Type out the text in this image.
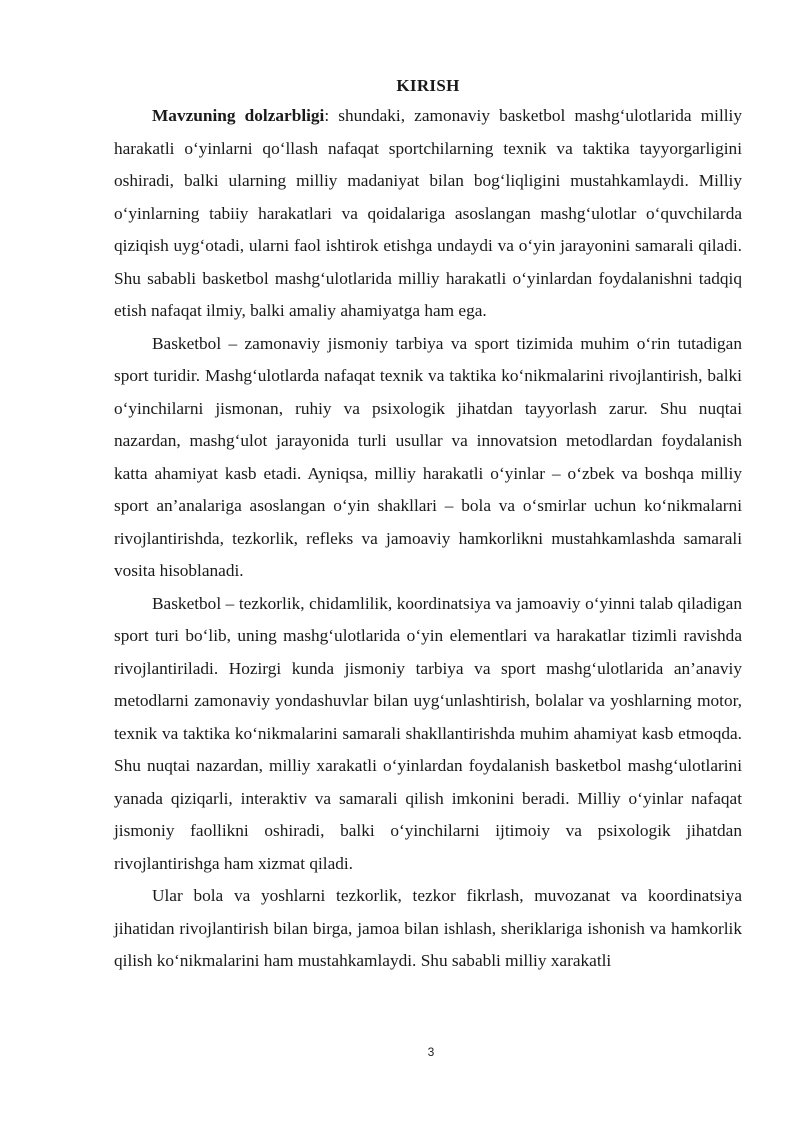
KIRISH

Mavzuning dolzarbligi: shundaki, zamonaviy basketbol mashg‘ulotlarida milliy harakatli o‘yinlarni qo‘llash nafaqat sportchilarning texnik va taktika tayyorgarligini oshiradi, balki ularning milliy madaniyat bilan bog‘liqligini mustahkamlaydi. Milliy o‘yinlarning tabiiy harakatlari va qoidalariga asoslangan mashg‘ulotlar o‘quvchilarda qiziqish uyg‘otadi, ularni faol ishtirok etishga undaydi va o‘yin jarayonini samarali qiladi. Shu sababli basketbol mashg‘ulotlarida milliy harakatli o‘yinlardan foydalanishni tadqiq etish nafaqat ilmiy, balki amaliy ahamiyatga ham ega.

Basketbol – zamonaviy jismoniy tarbiya va sport tizimida muhim o‘rin tutadigan sport turidir. Mashg‘ulotlarda nafaqat texnik va taktika ko‘nikmalarini rivojlantirish, balki o‘yinchilarni jismonan, ruhiy va psixologik jihatdan tayyorlash zarur. Shu nuqtai nazardan, mashg‘ulot jarayonida turli usullar va innovatsion metodlardan foydalanish katta ahamiyat kasb etadi. Ayniqsa, milliy harakatli o‘yinlar – o‘zbek va boshqa milliy sport an’analariga asoslangan o‘yin shakllari – bola va o‘smirlar uchun ko‘nikmalarni rivojlantirishda, tezkorlik, refleks va jamoaviy hamkorlikni mustahkamlashda samarali vosita hisoblanadi.

Basketbol – tezkorlik, chidamlilik, koordinatsiya va jamoaviy o‘yinni talab qiladigan sport turi bo‘lib, uning mashg‘ulotlarida o‘yin elementlari va harakatlar tizimli ravishda rivojlantiriladi. Hozirgi kunda jismoniy tarbiya va sport mashg‘ulotlarida an’anaviy metodlarni zamonaviy yondashuvlar bilan uyg‘unlashtirish, bolalar va yoshlarning motor, texnik va taktika ko‘nikmalarini samarali shakllantirishda muhim ahamiyat kasb etmoqda. Shu nuqtai nazardan, milliy xarakatli o‘yinlardan foydalanish basketbol mashg‘ulotlarini yanada qiziqarli, interaktiv va samarali qilish imkonini beradi. Milliy o‘yinlar nafaqat jismoniy faollikni oshiradi, balki o‘yinchilarni ijtimoiy va psixologik jihatdan rivojlantirishga ham xizmat qiladi.

Ular bola va yoshlarni tezkorlik, tezkor fikrlash, muvozanat va koordinatsiya jihatidan rivojlantirish bilan birga, jamoa bilan ishlash, sheriklariga ishonish va hamkorlik qilish ko‘nikmalarini ham mustahkamlaydi. Shu sababli milliy xarakatli

3
